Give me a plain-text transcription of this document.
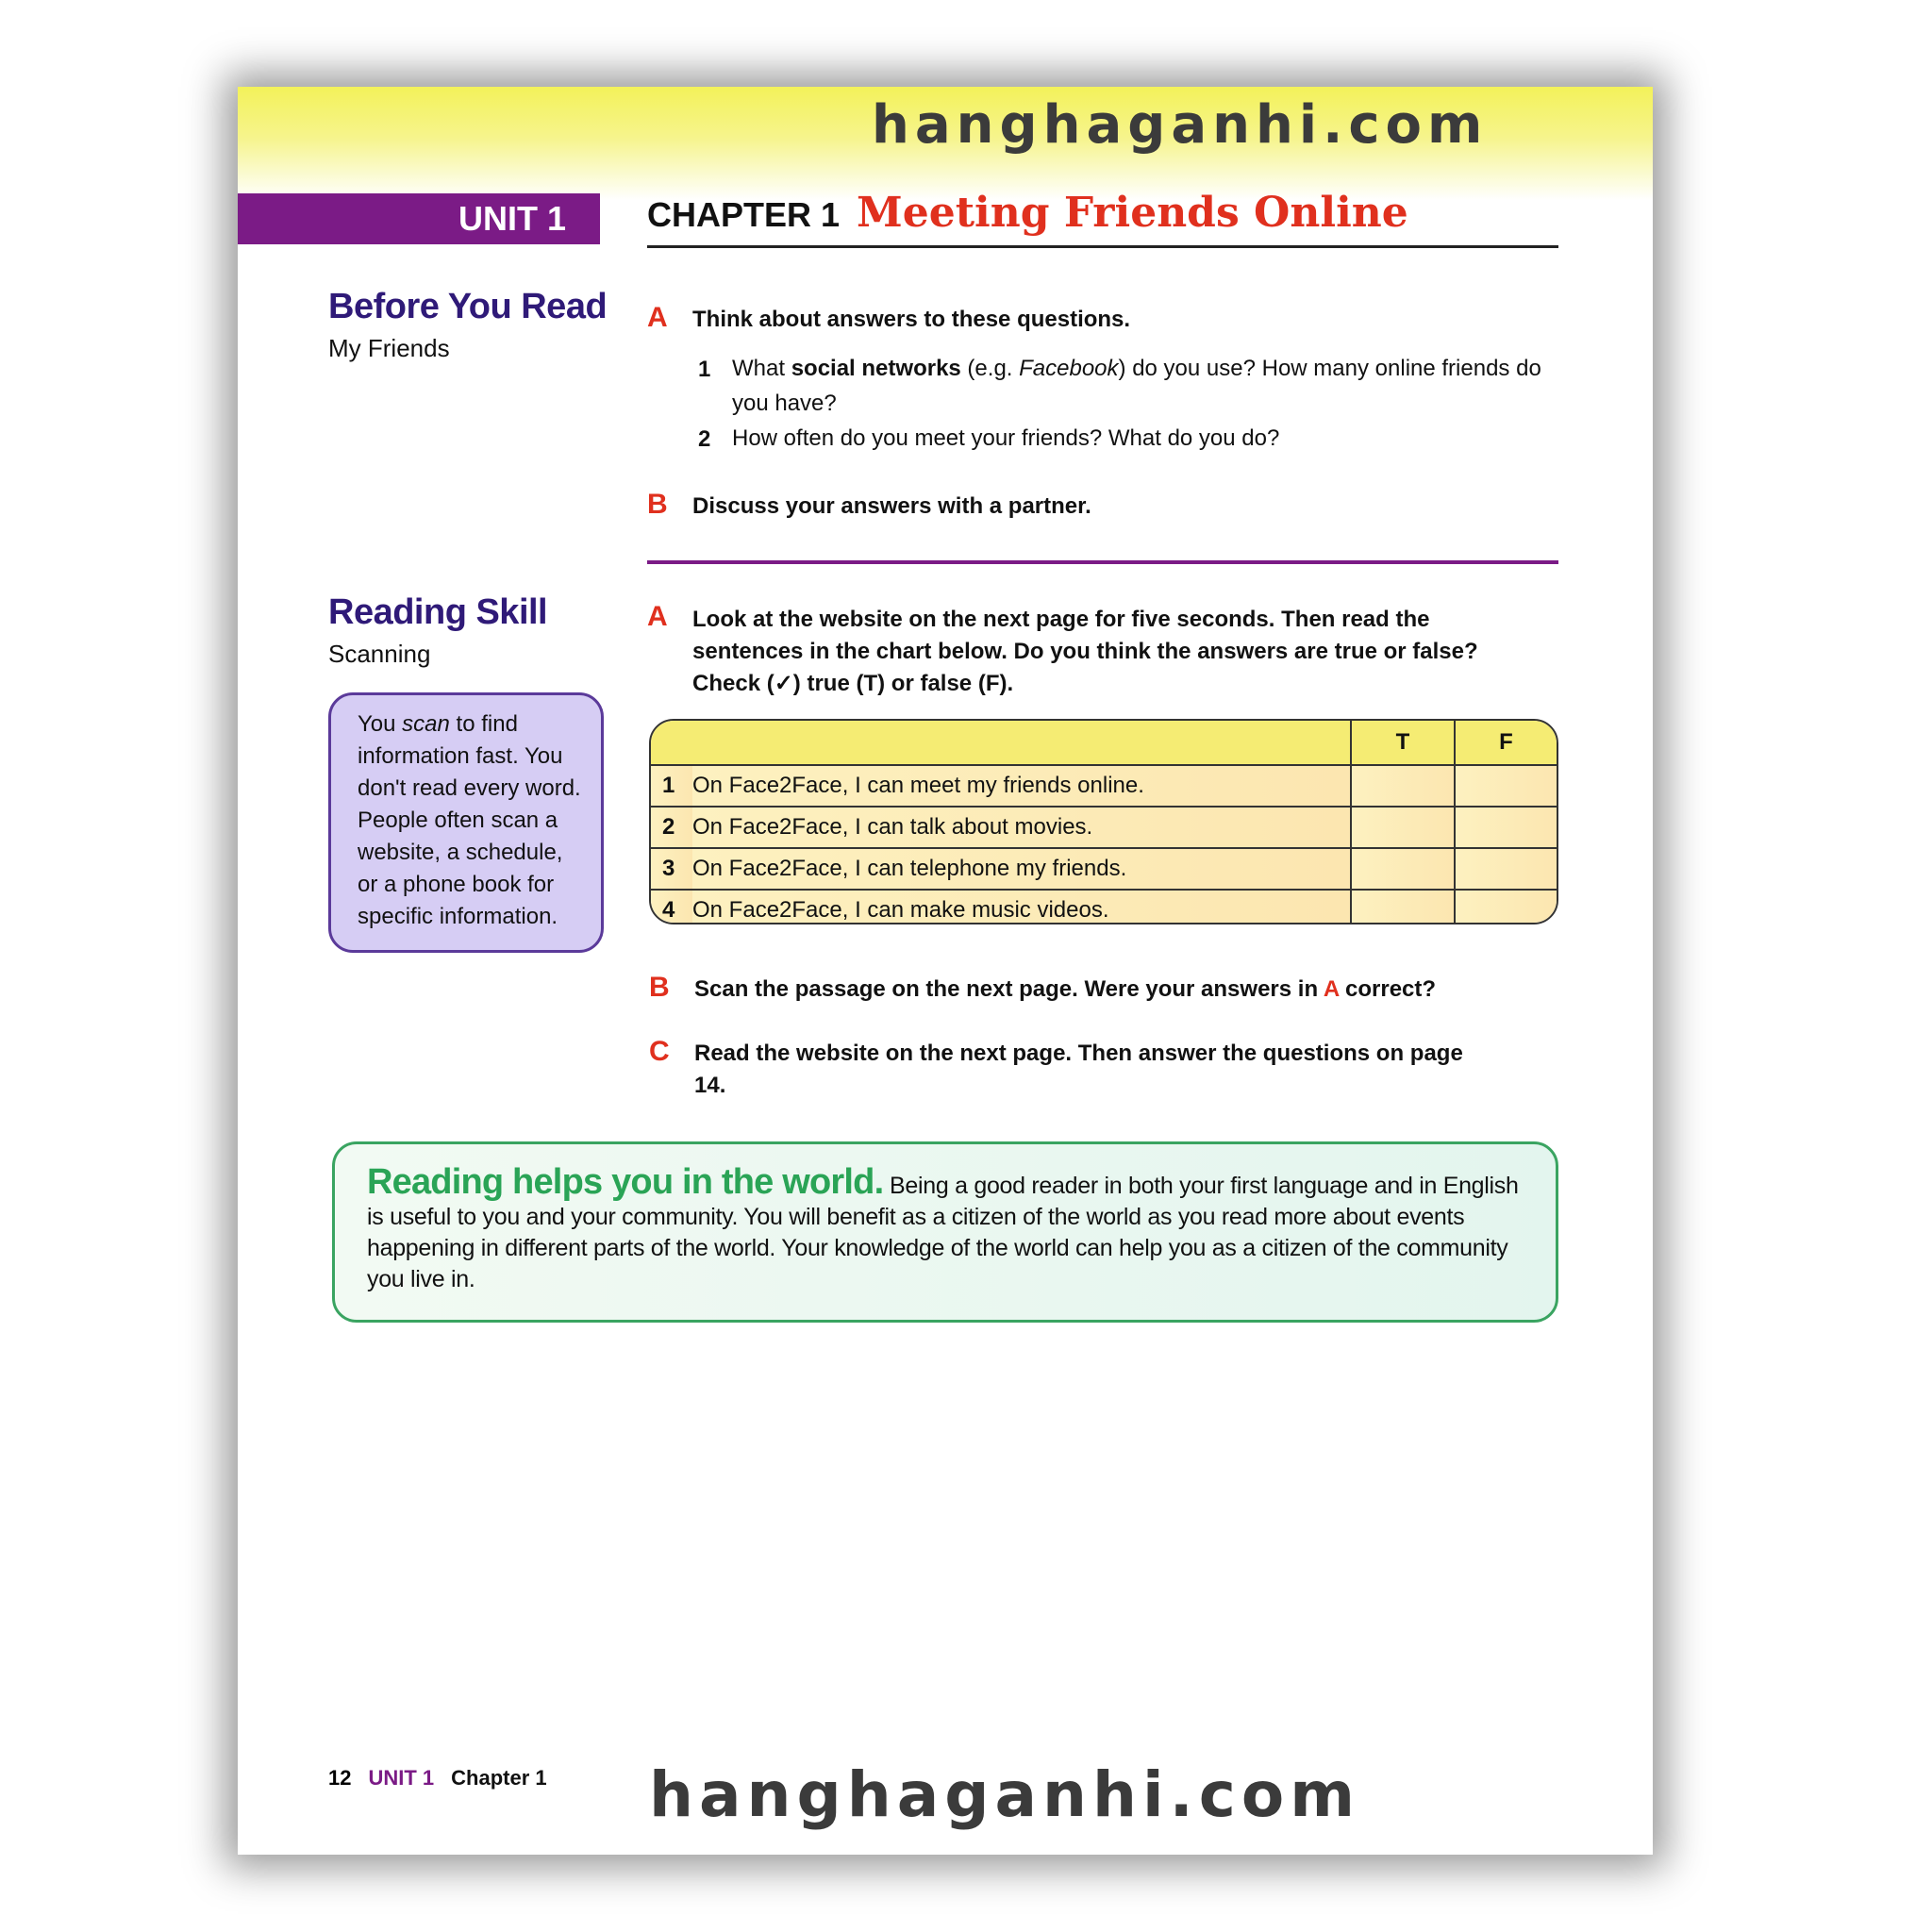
hanghaganhi.com
UNIT 1	CHAPTER 1 Meeting Friends Online
Before You Read
My Friends
A Think about answers to these questions.
1 What social networks (e.g. Facebook) do you use? How many online friends do you have?
2 How often do you meet your friends? What do you do?
B Discuss your answers with a partner.
Reading Skill
Scanning
You scan to find information fast. You don't read every word. People often scan a website, a schedule, or a phone book for specific information.
A Look at the website on the next page for five seconds. Then read the sentences in the chart below. Do you think the answers are true or false? Check (✓) true (T) or false (F).
		T	F
1	On Face2Face, I can meet my friends online.		
2	On Face2Face, I can talk about movies.		
3	On Face2Face, I can telephone my friends.		
4	On Face2Face, I can make music videos.		
B Scan the passage on the next page. Were your answers in A correct?
C Read the website on the next page. Then answer the questions on page 14.
Reading helps you in the world. Being a good reader in both your first language and in English is useful to you and your community. You will benefit as a citizen of the world as you read more about events happening in different parts of the world. Your knowledge of the world can help you as a citizen of the community you live in.
12 UNIT 1 Chapter 1 hanghaganhi.com
